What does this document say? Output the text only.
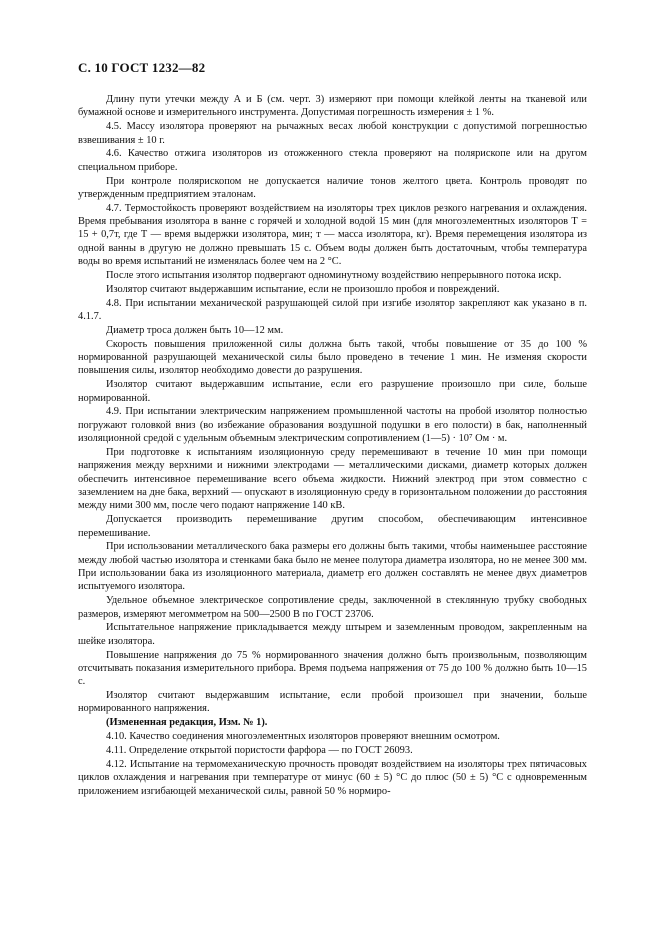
С. 10 ГОСТ 1232—82

Длину пути утечки между А и Б (см. черт. 3) измеряют при помощи клейкой ленты на тканевой или бумажной основе и измерительного инструмента. Допустимая погрешность измерения ± 1 %.

4.5. Массу изолятора проверяют на рычажных весах любой конструкции с допустимой погрешностью взвешивания ± 10 г.

4.6. Качество отжига изоляторов из отожженного стекла проверяют на полярископе или на другом специальном приборе.

При контроле полярископом не допускается наличие тонов желтого цвета. Контроль проводят по утвержденным предприятием эталонам.

4.7. Термостойкость проверяют воздействием на изоляторы трех циклов резкого нагревания и охлаждения. Время пребывания изолятора в ванне с горячей и холодной водой 15 мин (для многоэлементных изоляторов Т = 15 + 0,7т, где Т — время выдержки изолятора, мин; т — масса изолятора, кг). Время перемещения изолятора из одной ванны в другую не должно превышать 15 с. Объем воды должен быть достаточным, чтобы температура воды во время испытаний не изменялась более чем на 2 °С.

После этого испытания изолятор подвергают одноминутному воздействию непрерывного потока искр.

Изолятор считают выдержавшим испытание, если не произошло пробоя и повреждений.

4.8. При испытании механической разрушающей силой при изгибе изолятор закрепляют как указано в п. 4.1.7.

Диаметр троса должен быть 10—12 мм.

Скорость повышения приложенной силы должна быть такой, чтобы повышение от 35 до 100 % нормированной разрушающей механической силы было проведено в течение 1 мин. Не изменяя скорости повышения силы, изолятор необходимо довести до разрушения.

Изолятор считают выдержавшим испытание, если его разрушение произошло при силе, больше нормированной.

4.9. При испытании электрическим напряжением промышленной частоты на пробой изолятор полностью погружают головкой вниз (во избежание образования воздушной подушки в его полости) в бак, наполненный изоляционной средой с удельным объемным электрическим сопротивлением (1—5) · 10⁷ Ом · м.

При подготовке к испытаниям изоляционную среду перемешивают в течение 10 мин при помощи напряжения между верхними и нижними электродами — металлическими дисками, диаметр которых должен обеспечить интенсивное перемешивание всего объема жидкости. Нижний электрод при этом совместно с заземлением на дне бака, верхний — опускают в изоляционную среду в горизонтальном положении до расстояния между ними 300 мм, после чего подают напряжение 140 кВ.

Допускается производить перемешивание другим способом, обеспечивающим интенсивное перемешивание.

При использовании металлического бака размеры его должны быть такими, чтобы наименьшее расстояние между любой частью изолятора и стенками бака было не менее полутора диаметра изолятора, но не менее 300 мм. При использовании бака из изоляционного материала, диаметр его должен составлять не менее двух диаметров испытуемого изолятора.

Удельное объемное электрическое сопротивление среды, заключенной в стеклянную трубку свободных размеров, измеряют мегомметром на 500—2500 В по ГОСТ 23706.

Испытательное напряжение прикладывается между штырем и заземленным проводом, закрепленным на шейке изолятора.

Повышение напряжения до 75 % нормированного значения должно быть произвольным, позволяющим отсчитывать показания измерительного прибора. Время подъема напряжения от 75 до 100 % должно быть 10—15 с.

Изолятор считают выдержавшим испытание, если пробой произошел при значении, больше нормированного напряжения.

(Измененная редакция, Изм. № 1).

4.10. Качество соединения многоэлементных изоляторов проверяют внешним осмотром.

4.11. Определение открытой пористости фарфора — по ГОСТ 26093.

4.12. Испытание на термомеханическую прочность проводят воздействием на изоляторы трех пятичасовых циклов охлаждения и нагревания при температуре от минус (60 ± 5) °С до плюс (50 ± 5) °С с одновременным приложением изгибающей механической силы, равной 50 % нормиро-
